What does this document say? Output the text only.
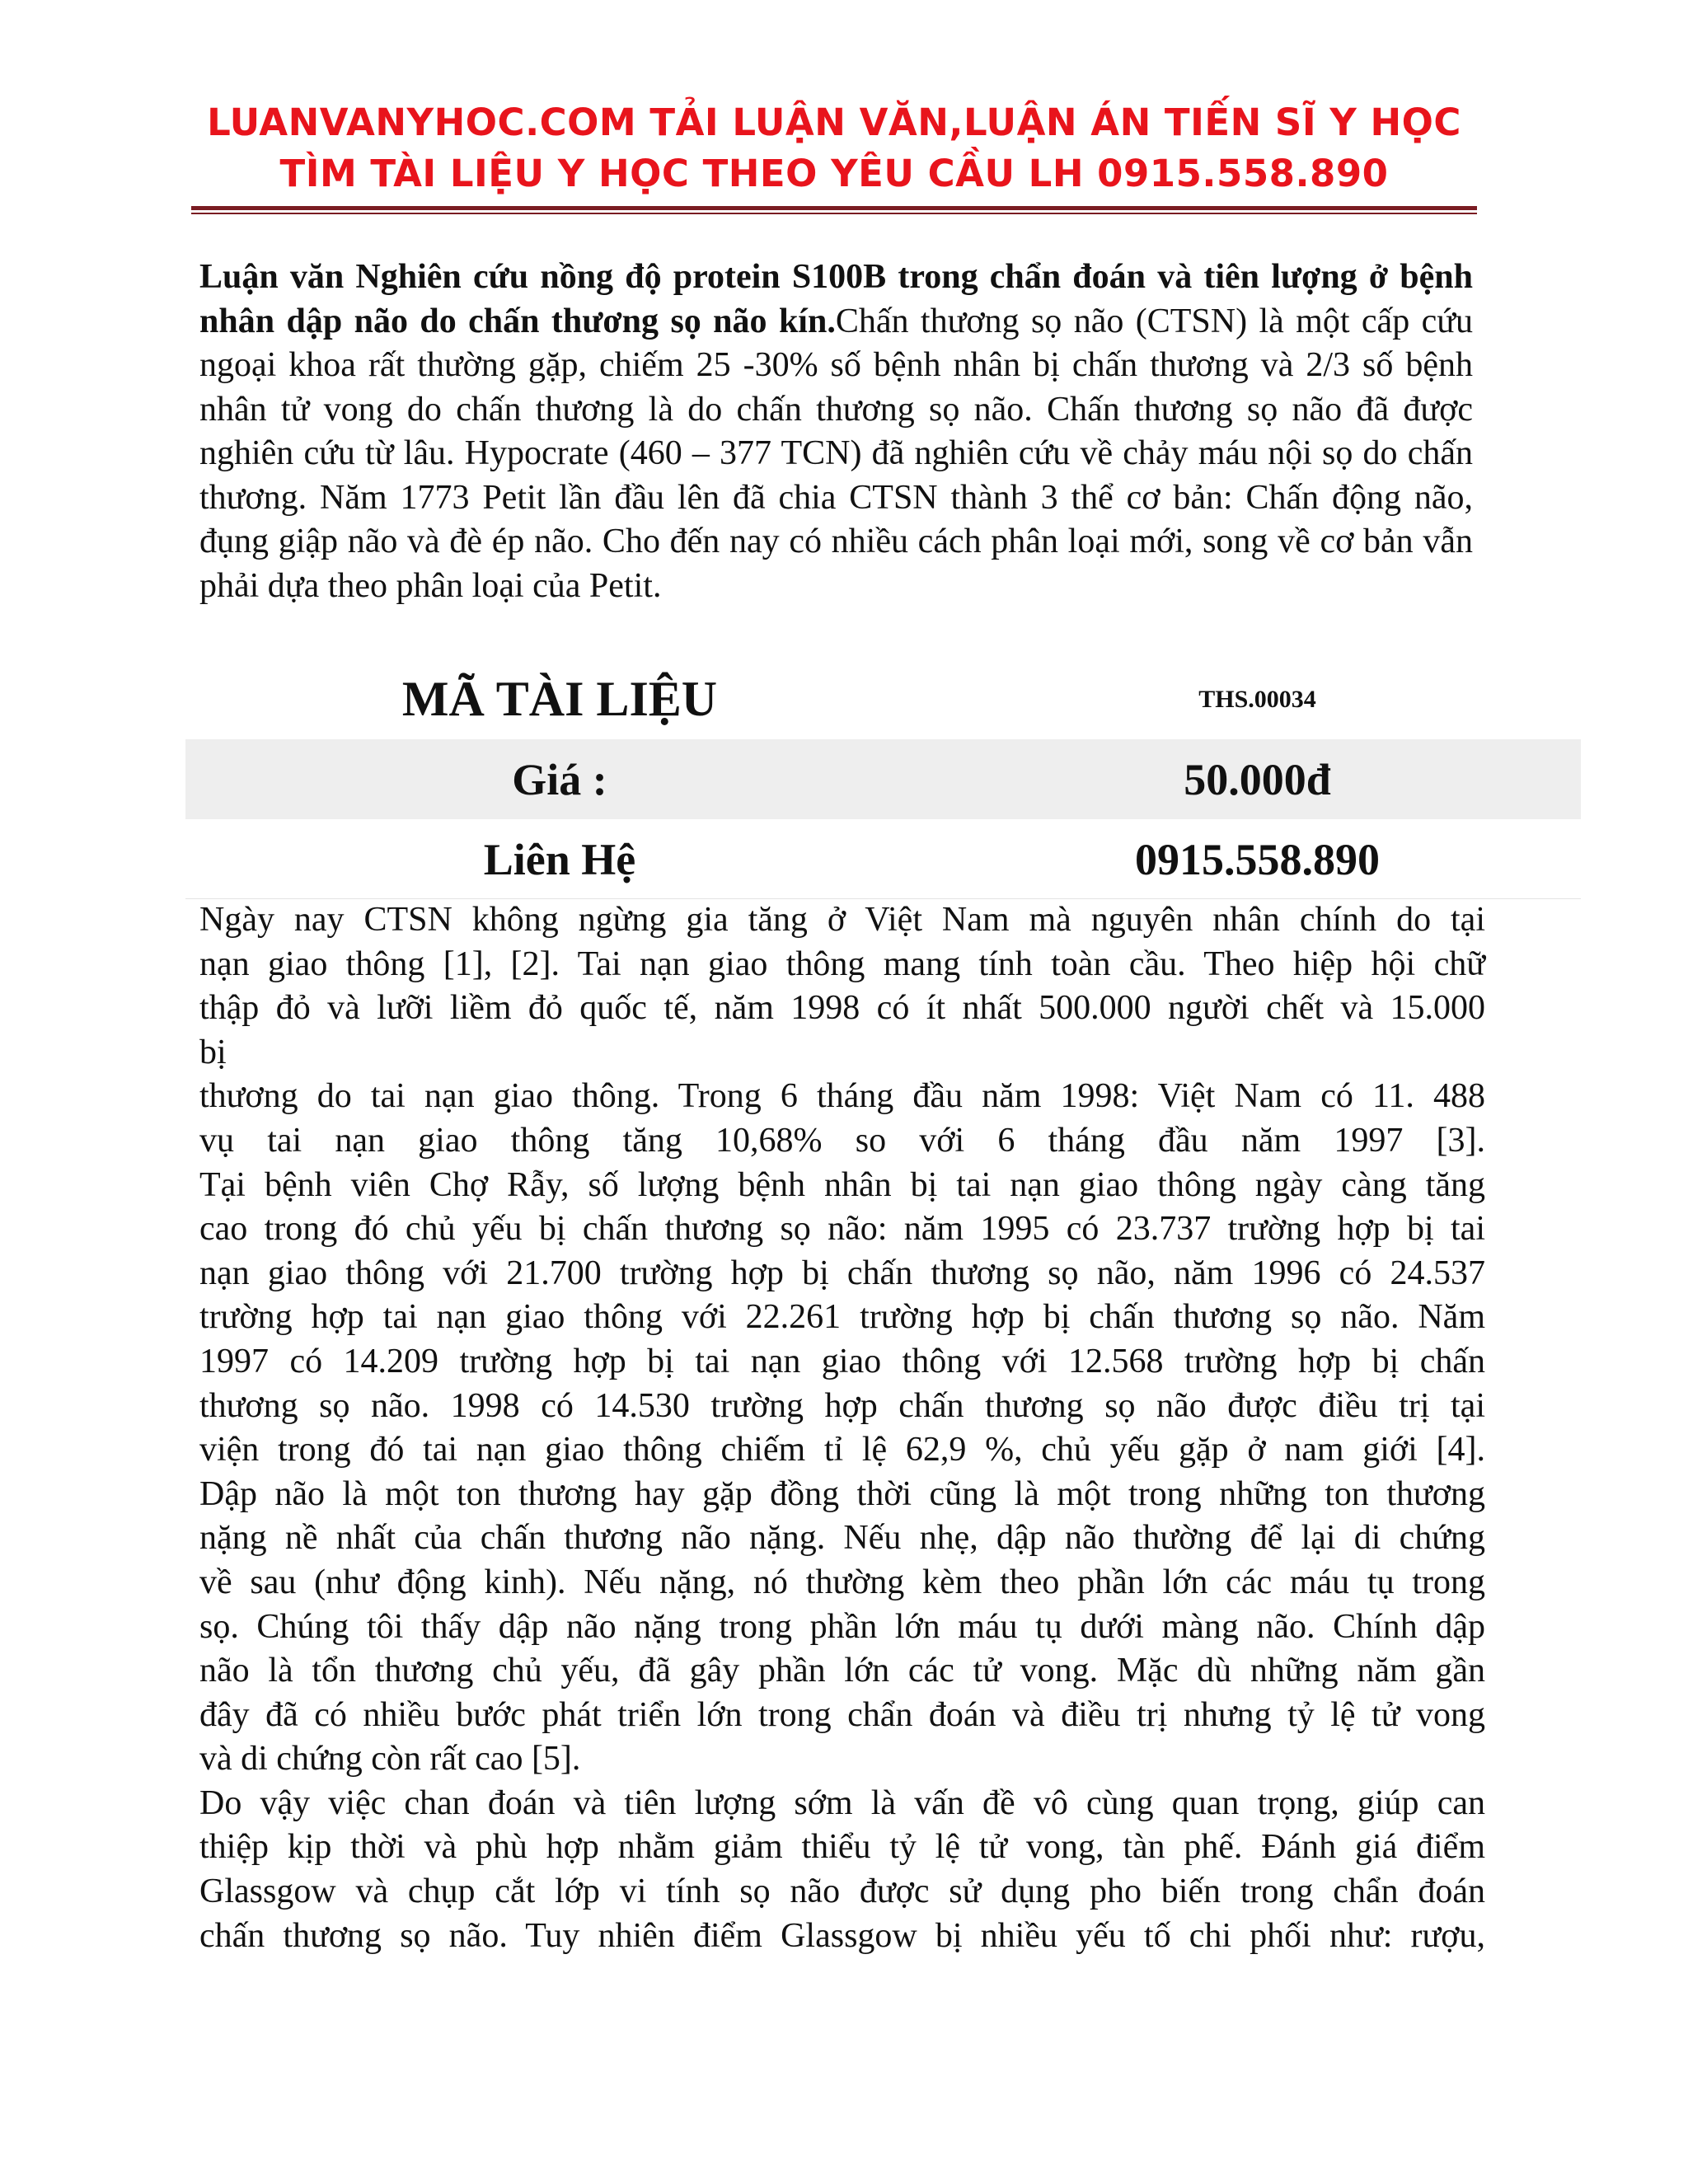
LUANVANYHOC.COM TẢI LUẬN VĂN,LUẬN ÁN TIẾN SĨ Y HỌC
TÌM TÀI LIỆU Y HỌC THEO YÊU CẦU LH 0915.558.890
Luận văn Nghiên cứu nồng độ protein S100B trong chẩn đoán và tiên lượng ở bệnh nhân dập não do chấn thương sọ não kín.Chấn thương sọ não (CTSN) là một cấp cứu ngoại khoa rất thường gặp, chiếm 25 -30% số bệnh nhân bị chấn thương và 2/3 số bệnh nhân tử vong do chấn thương là do chấn thương sọ não. Chấn thương sọ não đã được nghiên cứu từ lâu. Hypocrate (460 – 377 TCN) đã nghiên cứu về chảy máu nội sọ do chấn thương. Năm 1773 Petit lần đầu lên đã chia CTSN thành 3 thể cơ bản: Chấn động não, đụng giập não và đè ép não. Cho đến nay có nhiều cách phân loại mới, song về cơ bản vẫn phải dựa theo phân loại của Petit.
MÃ TÀI LIỆU	THS.00034
Giá :	50.000đ
Liên Hệ	0915.558.890
Ngày nay CTSN không ngừng gia tăng ở Việt Nam mà nguyên nhân chính do tại
nạn giao thông [1], [2]. Tai nạn giao thông mang tính toàn cầu. Theo hiệp hội chữ
thập đỏ và lưỡi liềm đỏ quốc tế, năm 1998 có ít nhất 500.000 người chết và 15.000
bị
thương do tai nạn giao thông. Trong 6 tháng đầu năm 1998: Việt Nam có 11. 488
vụ tai nạn giao thông tăng 10,68% so với 6 tháng đầu năm 1997 [3].
Tại bệnh viên Chợ Rẫy, số lượng bệnh nhân bị tai nạn giao thông ngày càng tăng
cao trong đó chủ yếu bị chấn thương sọ não: năm 1995 có 23.737 trường hợp bị tai
nạn giao thông với 21.700 trường hợp bị chấn thương sọ não, năm 1996 có 24.537
trường hợp tai nạn giao thông với 22.261 trường hợp bị chấn thương sọ não. Năm
1997 có 14.209 trường hợp bị tai nạn giao thông với 12.568 trường hợp bị chấn
thương sọ não. 1998 có 14.530 trường hợp chấn thương sọ não được điều trị tại
viện trong đó tai nạn giao thông chiếm tỉ lệ 62,9 %, chủ yếu gặp ở nam giới [4].
Dập não là một ton thương hay gặp đồng thời cũng là một trong những ton thương
nặng nề nhất của chấn thương não nặng. Nếu nhẹ, dập não thường để lại di chứng
về sau (như động kinh). Nếu nặng, nó thường kèm theo phần lớn các máu tụ trong
sọ. Chúng tôi thấy dập não nặng trong phần lớn máu tụ dưới màng não. Chính dập
não là tổn thương chủ yếu, đã gây phần lớn các tử vong. Mặc dù những năm gần
đây đã có nhiều bước phát triển lớn trong chẩn đoán và điều trị nhưng tỷ lệ tử vong
và di chứng còn rất cao [5].
Do vậy việc chan đoán và tiên lượng sớm là vấn đề vô cùng quan trọng, giúp can
thiệp kịp thời và phù hợp nhằm giảm thiểu tỷ lệ tử vong, tàn phế. Đánh giá điểm
Glassgow và chụp cắt lớp vi tính sọ não được sử dụng pho biến trong chẩn đoán
chấn thương sọ não. Tuy nhiên điểm Glassgow bị nhiều yếu tố chi phối như: rượu,
